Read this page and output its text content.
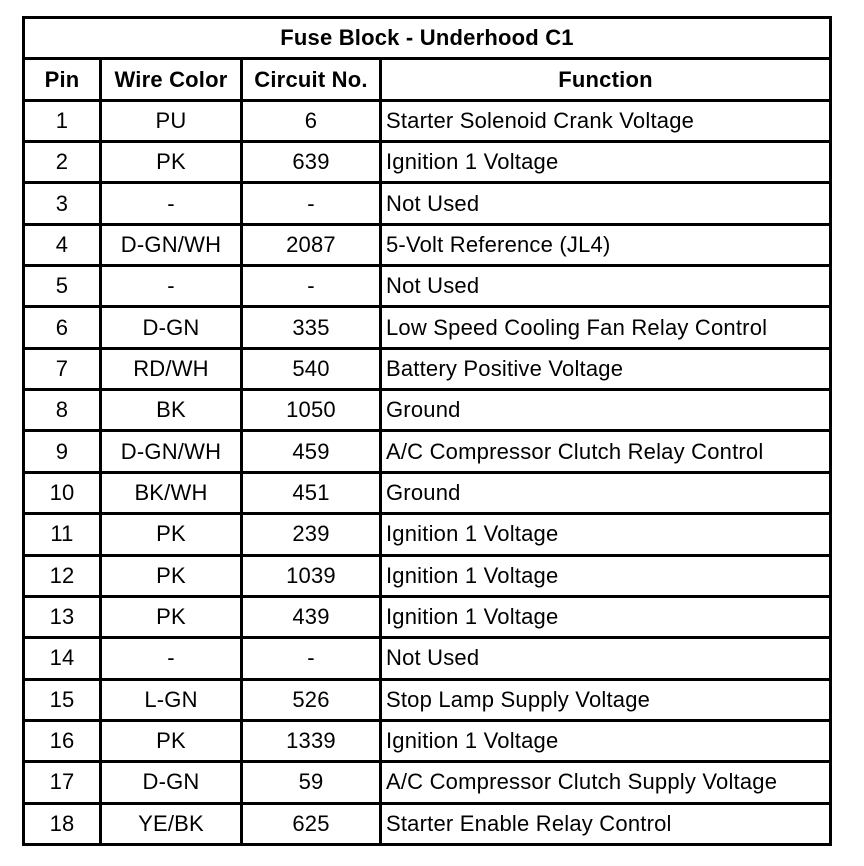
Fuse Block - Underhood C1
Pin	Wire Color	Circuit No.	Function
1	PU	6	Starter Solenoid Crank Voltage
2	PK	639	Ignition 1 Voltage
3	-	-	Not Used
4	D-GN/WH	2087	5-Volt Reference (JL4)
5	-	-	Not Used
6	D-GN	335	Low Speed Cooling Fan Relay Control
7	RD/WH	540	Battery Positive Voltage
8	BK	1050	Ground
9	D-GN/WH	459	A/C Compressor Clutch Relay Control
10	BK/WH	451	Ground
11	PK	239	Ignition 1 Voltage
12	PK	1039	Ignition 1 Voltage
13	PK	439	Ignition 1 Voltage
14	-	-	Not Used
15	L-GN	526	Stop Lamp Supply Voltage
16	PK	1339	Ignition 1 Voltage
17	D-GN	59	A/C Compressor Clutch Supply Voltage
18	YE/BK	625	Starter Enable Relay Control
